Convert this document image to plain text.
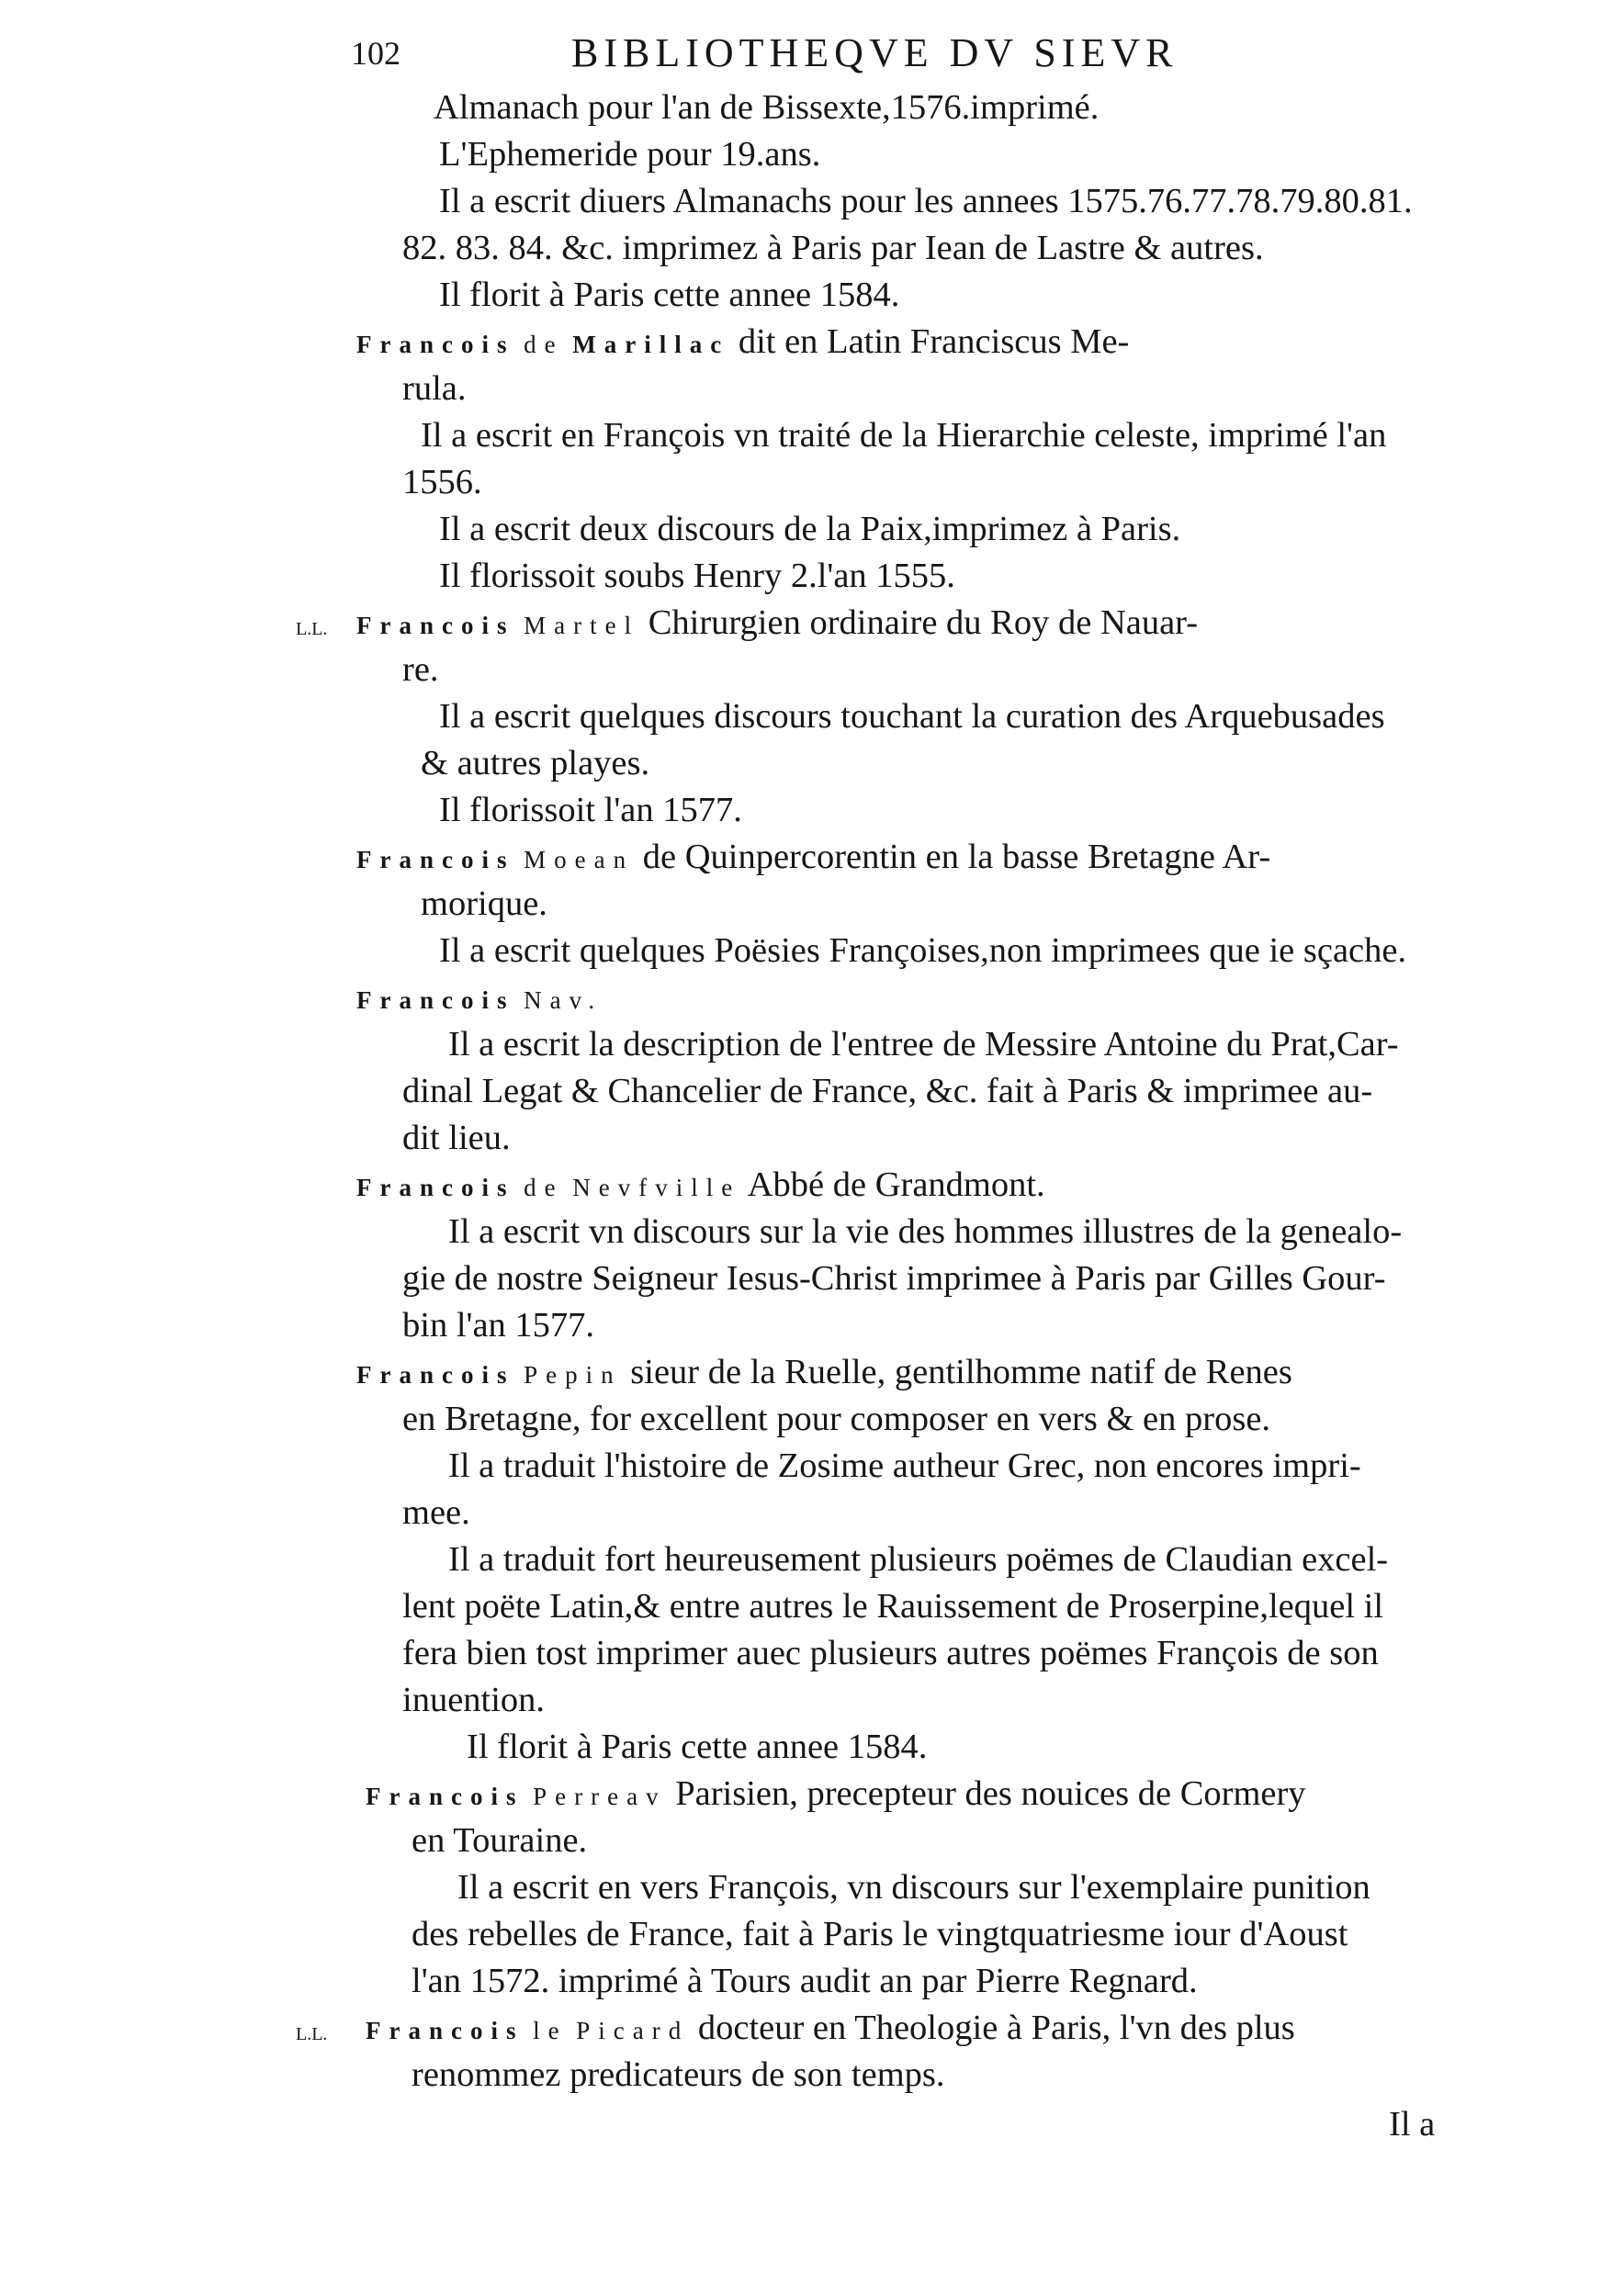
102	BIBLIOTHEQVE DV SIEVR
Almanach pour l'an de Bissexte,1576.imprimé.
L'Ephemeride pour 19.ans.
Il a escrit diuers Almanachs pour les annees 1575.76.77.78.79.80.81.
82. 83. 84. &c. imprimez à Paris par Iean de Lastre & autres.
Il florit à Paris cette annee 1584.
Francois de Marillac dit en Latin Franciscus Me-
rula.
Il a escrit en François vn traité de la Hierarchie celeste, imprimé l'an
1556.
Il a escrit deux discours de la Paix,imprimez à Paris.
Il florissoit soubs Henry 2.l'an 1555.
L.L. Francois Martel Chirurgien ordinaire du Roy de Nauar-
re.
Il a escrit quelques discours touchant la curation des Arquebusades
& autres playes.
Il florissoit l'an 1577.
Francois Moean de Quinpercorentin en la basse Bretagne Ar-
morique.
Il a escrit quelques Poësies Françoises,non imprimees que ie sçache.
Francois Nav.
Il a escrit la description de l'entree de Messire Antoine du Prat,Car-
dinal Legat & Chancelier de France, &c. fait à Paris & imprimee au-
dit lieu.
Francois de Nevfville Abbé de Grandmont.
Il a escrit vn discours sur la vie des hommes illustres de la genealo-
gie de nostre Seigneur Iesus-Christ imprimee à Paris par Gilles Gour-
bin l'an 1577.
Francois Pepin sieur de la Ruelle, gentilhomme natif de Renes
en Bretagne, for excellent pour composer en vers & en prose.
Il a traduit l'histoire de Zosime autheur Grec, non encores impri-
mee.
Il a traduit fort heureusement plusieurs poëmes de Claudian excel-
lent poëte Latin,& entre autres le Rauissement de Proserpine,lequel il
fera bien tost imprimer auec plusieurs autres poëmes François de son
inuention.
Il florit à Paris cette annee 1584.
Francois Perreav Parisien, precepteur des nouices de Cormery
en Touraine.
Il a escrit en vers François, vn discours sur l'exemplaire punition
des rebelles de France, fait à Paris le vingtquatriesme iour d'Aoust
l'an 1572. imprimé à Tours audit an par Pierre Regnard.
L.L. Francois le Picard docteur en Theologie à Paris, l'vn des plus
renommez predicateurs de son temps.
Il a
